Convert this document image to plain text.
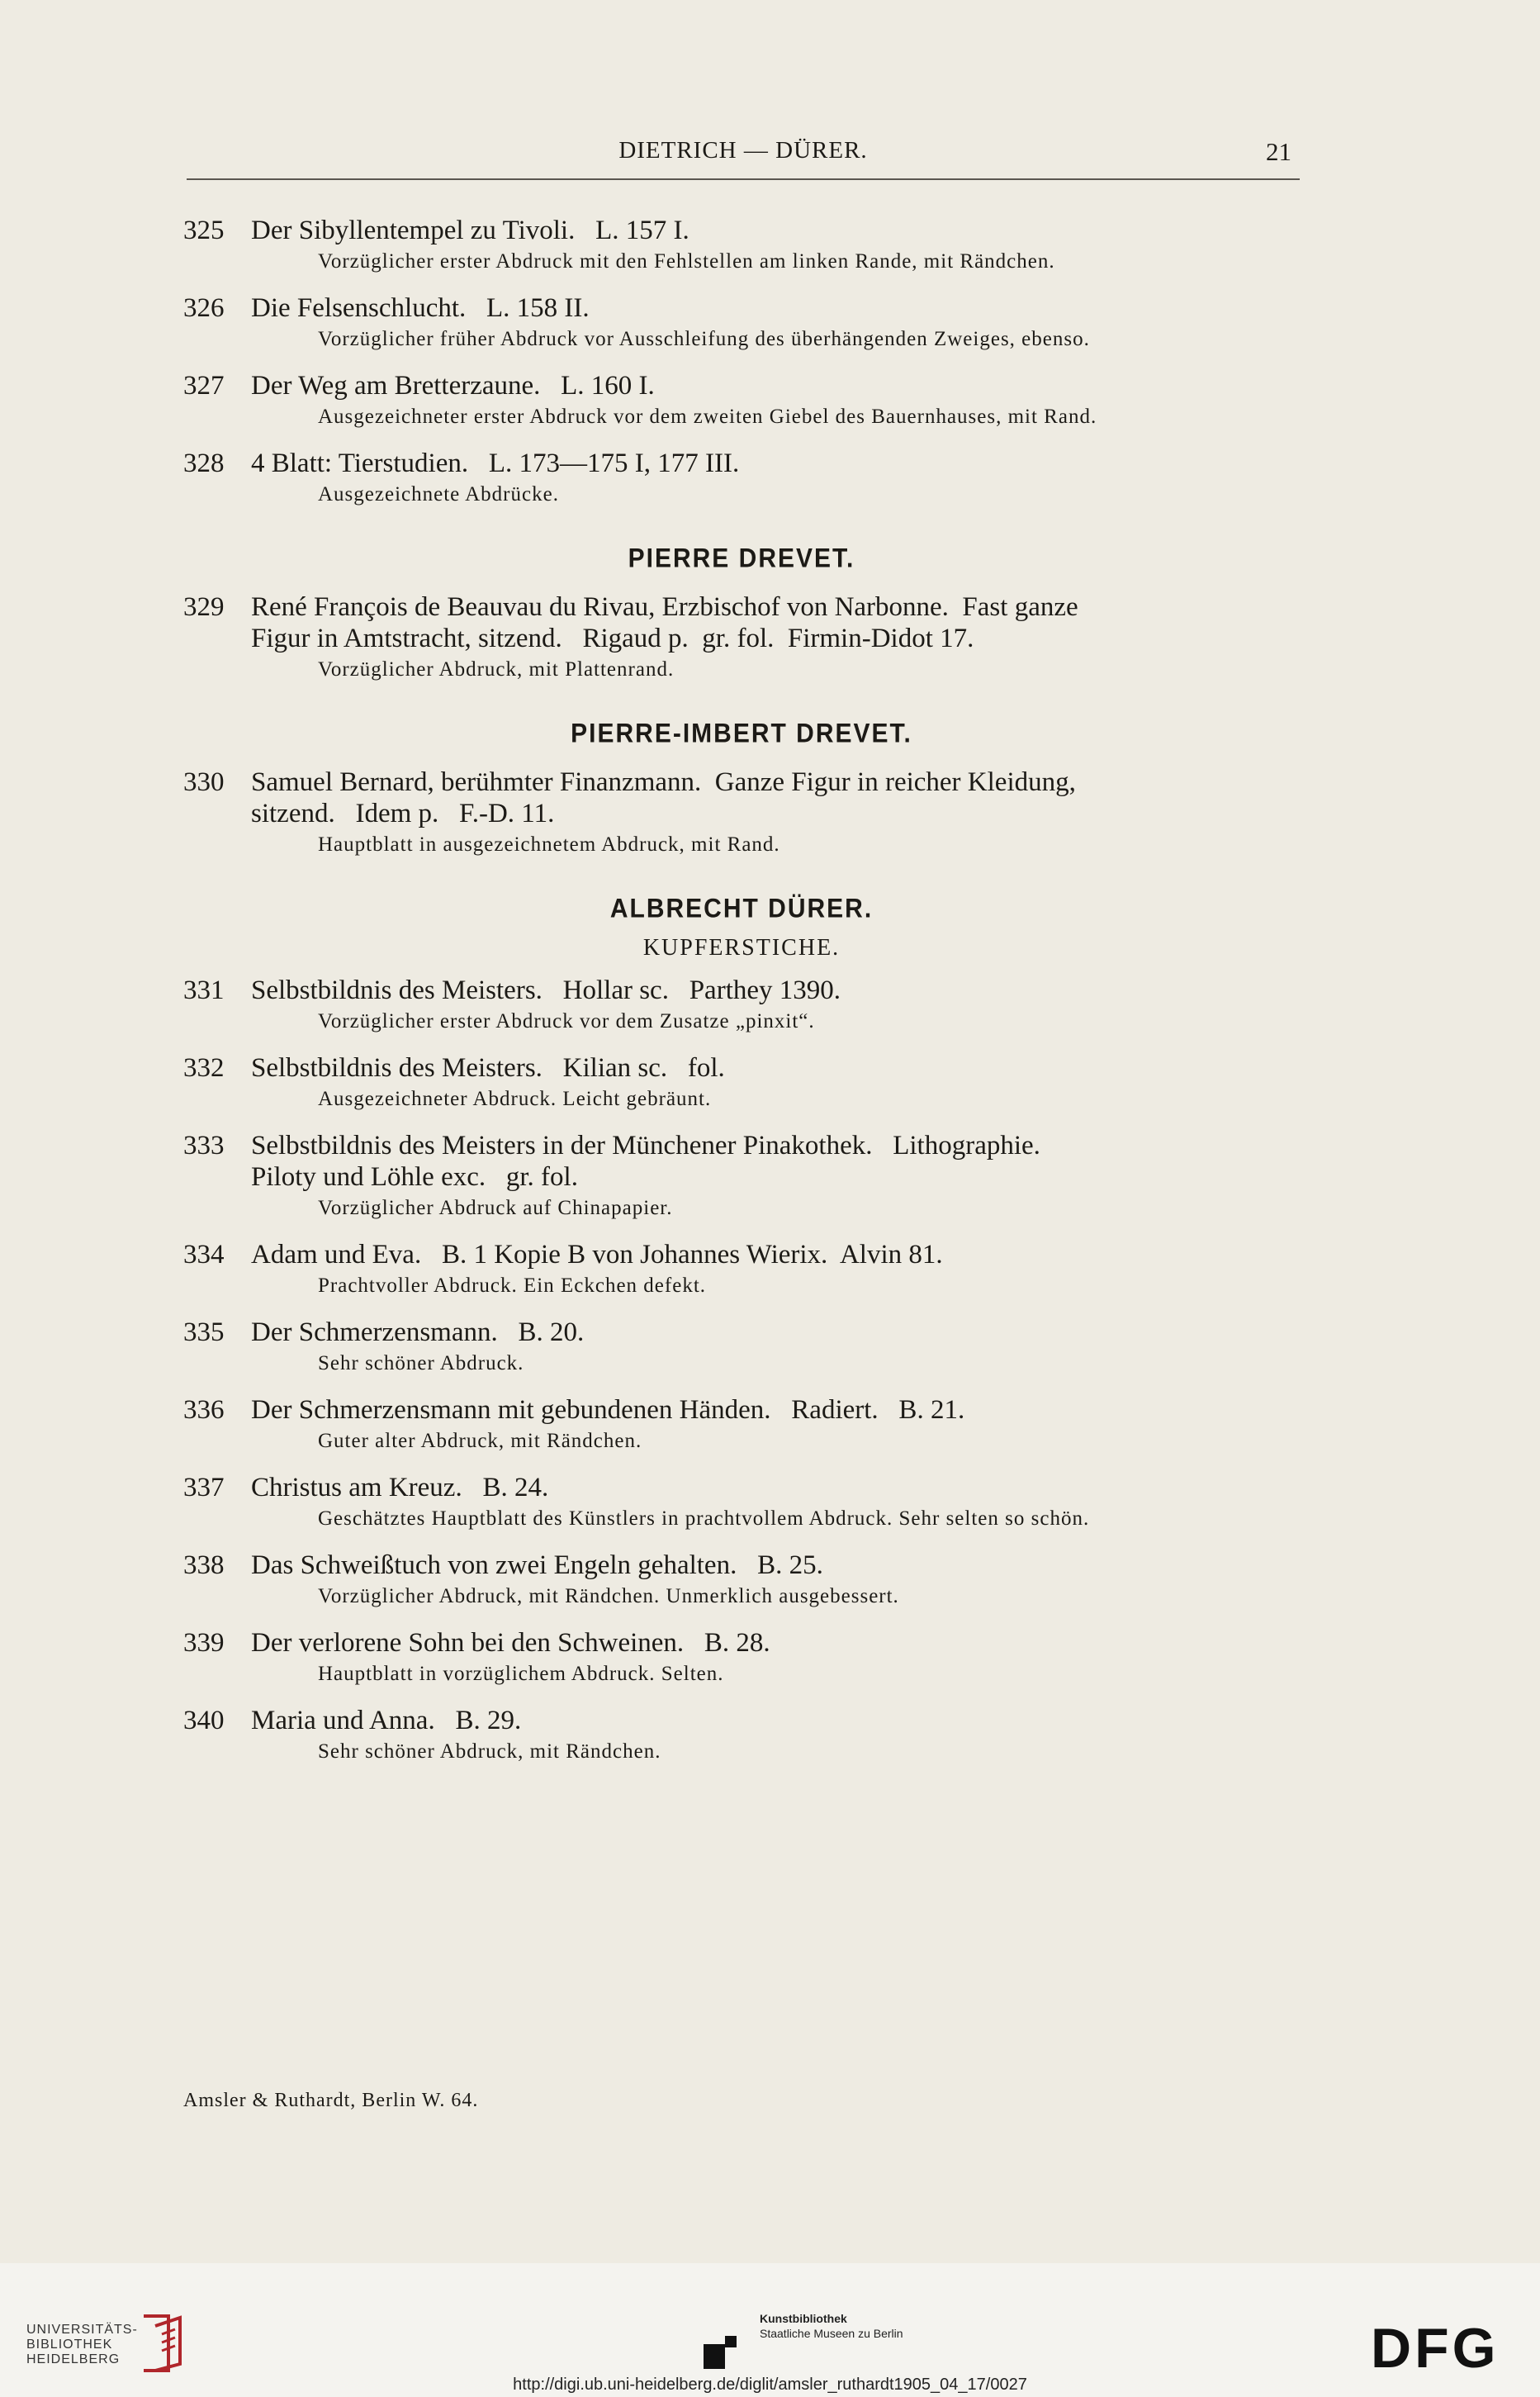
DIETRICH — DÜRER.	21
325 Der Sibyllentempel zu Tivoli.   L. 157 I.
Vorzüglicher erster Abdruck mit den Fehlstellen am linken Rande, mit Rändchen.
326 Die Felsenschlucht.   L. 158 II.
Vorzüglicher früher Abdruck vor Ausschleifung des überhängenden Zweiges, ebenso.
327 Der Weg am Bretterzaune.   L. 160 I.
Ausgezeichneter erster Abdruck vor dem zweiten Giebel des Bauernhauses, mit Rand.
328 4 Blatt: Tierstudien.   L. 173—175 I, 177 III.
Ausgezeichnete Abdrücke.
PIERRE DREVET.
329 René François de Beauvau du Rivau, Erzbischof von Narbonne.  Fast ganze
Figur in Amtstracht, sitzend.   Rigaud p.  gr. fol.  Firmin-Didot 17.
Vorzüglicher Abdruck, mit Plattenrand.
PIERRE-IMBERT DREVET.
330 Samuel Bernard, berühmter Finanzmann.  Ganze Figur in reicher Kleidung,
sitzend.   Idem p.   F.-D. 11.
Hauptblatt in ausgezeichnetem Abdruck, mit Rand.
ALBRECHT DÜRER.
KUPFERSTICHE.
331 Selbstbildnis des Meisters.   Hollar sc.   Parthey 1390.
Vorzüglicher erster Abdruck vor dem Zusatze „pinxit“.
332 Selbstbildnis des Meisters.   Kilian sc.   fol.
Ausgezeichneter Abdruck. Leicht gebräunt.
333 Selbstbildnis des Meisters in der Münchener Pinakothek.   Lithographie.
Piloty und Löhle exc.   gr. fol.
Vorzüglicher Abdruck auf Chinapapier.
334 Adam und Eva.   B. 1 Kopie B von Johannes Wierix.  Alvin 81.
Prachtvoller Abdruck. Ein Eckchen defekt.
335 Der Schmerzensmann.   B. 20.
Sehr schöner Abdruck.
336 Der Schmerzensmann mit gebundenen Händen.   Radiert.   B. 21.
Guter alter Abdruck, mit Rändchen.
337 Christus am Kreuz.   B. 24.
Geschätztes Hauptblatt des Künstlers in prachtvollem Abdruck. Sehr selten so schön.
338 Das Schweißtuch von zwei Engeln gehalten.   B. 25.
Vorzüglicher Abdruck, mit Rändchen. Unmerklich ausgebessert.
339 Der verlorene Sohn bei den Schweinen.   B. 28.
Hauptblatt in vorzüglichem Abdruck. Selten.
340 Maria und Anna.   B. 29.
Sehr schöner Abdruck, mit Rändchen.
Amsler & Ruthardt, Berlin W. 64.
UNIVERSITÄTS-
BIBLIOTHEK
HEIDELBERG
Kunstbibliothek
Staatliche Museen zu Berlin	DFG
http://digi.ub.uni-heidelberg.de/diglit/amsler_ruthardt1905_04_17/0027
